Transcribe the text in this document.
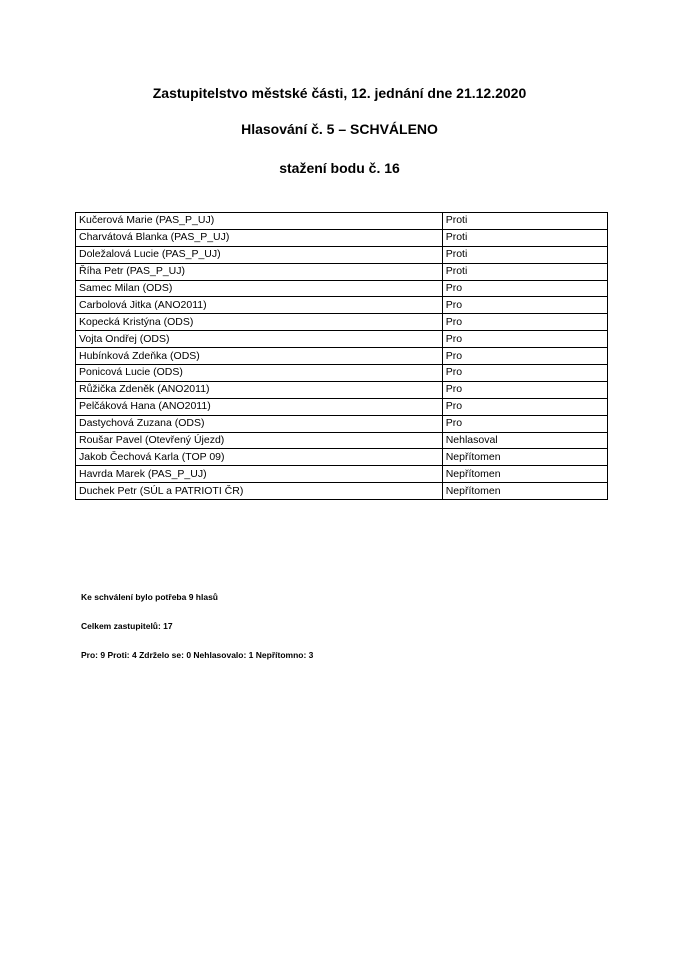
Zastupitelstvo městské části, 12. jednání dne 21.12.2020
Hlasování č. 5 – SCHVÁLENO
stažení bodu č. 16
Kučerová Marie (PAS_P_UJ)	Proti
Charvátová Blanka (PAS_P_UJ)	Proti
Doležalová Lucie (PAS_P_UJ)	Proti
Říha Petr (PAS_P_UJ)	Proti
Samec Milan (ODS)	Pro
Carbolová Jitka (ANO2011)	Pro
Kopecká Kristýna (ODS)	Pro
Vojta Ondřej (ODS)	Pro
Hubínková Zdeňka (ODS)	Pro
Ponicová Lucie (ODS)	Pro
Růžička Zdeněk (ANO2011)	Pro
Pelčáková Hana (ANO2011)	Pro
Dastychová Zuzana (ODS)	Pro
Roušar Pavel (Otevřený Újezd)	Nehlasoval
Jakob Čechová Karla (TOP 09)	Nepřítomen
Havrda Marek (PAS_P_UJ)	Nepřítomen
Duchek Petr (SÚL a PATRIOTI ČR)	Nepřítomen
Ke schválení bylo potřeba 9 hlasů
Celkem zastupitelů: 17
Pro: 9 Proti: 4 Zdrželo se: 0 Nehlasovalo: 1 Nepřítomno: 3
